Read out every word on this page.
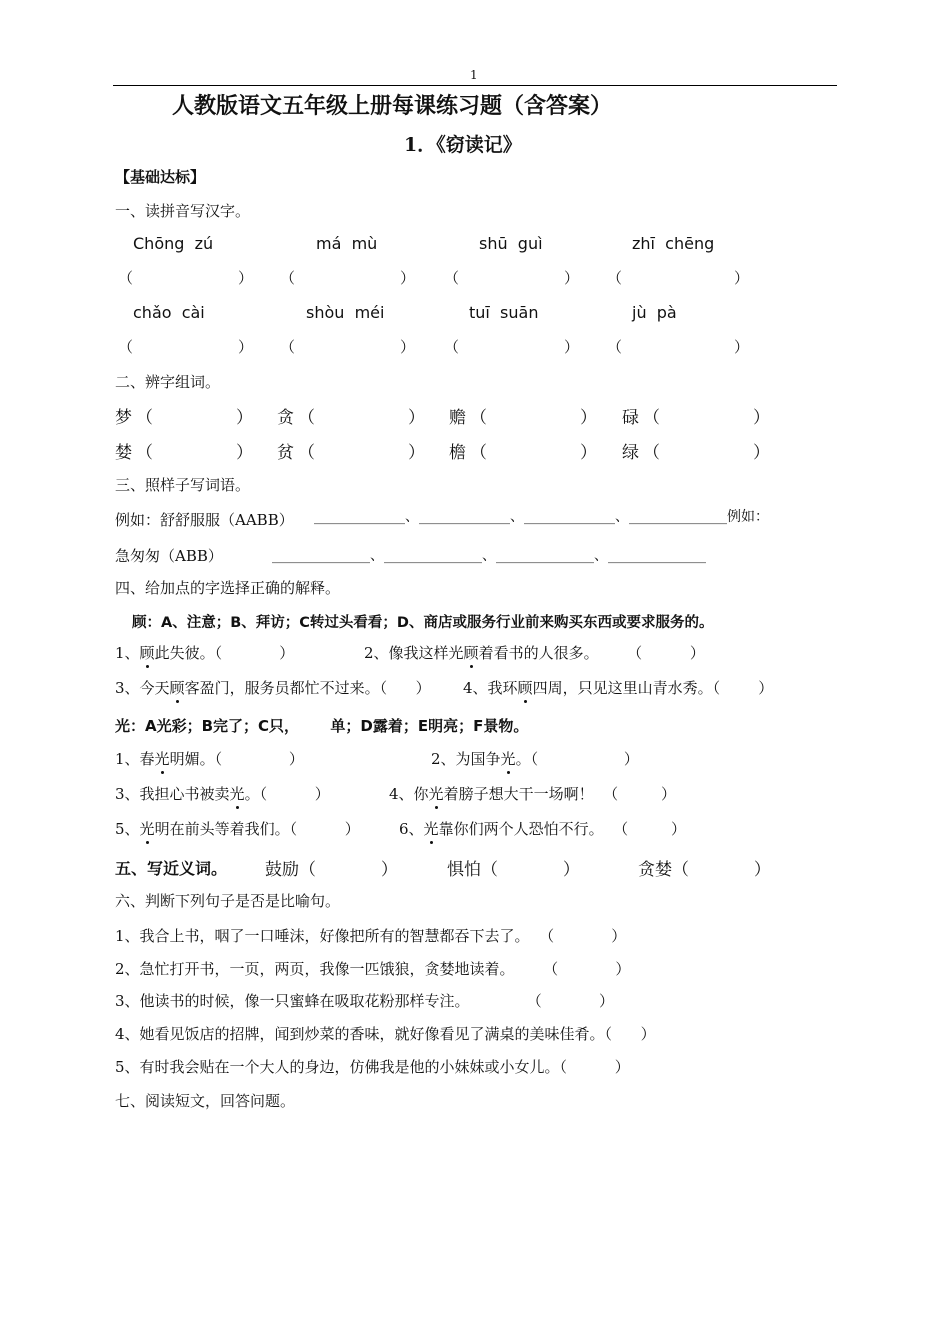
1
人教版语文五年级上册每课练习题（含答案）
1．《窃读记》
【基础达标】
一、读拼音写汉字。
Chōng  zú	má  mù	shū  guì	zhī  chēng
（	） （	） （	） （	）
chǎo  cài	shòu  méi	tuī  suān	jù  pà
（	） （	） （	） （	）
二、辨字组词。
梦 （	） 贪 （	） 赡 （	） 碌 （	）
婪 （	） 贫 （	） 檐 （	） 绿 （	）
三、照样子写词语。
例如：舒舒服服（AABB） _____________、_____________、_____________、______________例如：
急匆匆（ABB）	______________、______________、______________、______________
四、给加点的字选择正确的解释。
顾：A、注意；B、拜访；C转过头看看；D、商店或服务行业前来购买东西或要求服务的。
1、顾此失彼。（            ）	2、像我这样光顾着看书的人很多。      （          ）
3、今天顾客盈门，服务员都忙不过来。（      ） 4、我环顾四周，只见这里山青水秀。（        ）
光：A光彩；B完了；C只，      单；D露着；E明亮；F景物。
1、春光明媚。（              ）	2、为国争光。（                  ）
3、我担心书被卖光。（          ）	4、你光着膀子想大干一场啊！  （         ）
5、光明在前头等着我们。（          ）	6、光靠你们两个人恐怕不行。  （         ）
五、写近义词。 鼓励（            ）	惧怕（            ）	贪婪（            ）
六、判断下列句子是否是比喻句。
1、我合上书，咽了一口唾沫，好像把所有的智慧都吞下去了。  （            ）
2、急忙打开书，一页，两页，我像一匹饿狼，贪婪地读着。      （            ）
3、他读书的时候，像一只蜜蜂在吸取花粉那样专注。            （            ）
4、她看见饭店的招牌，闻到炒菜的香味，就好像看见了满桌的美味佳肴。（      ）
5、有时我会贴在一个大人的身边，仿佛我是他的小妹妹或小女儿。（          ）
七、阅读短文，回答问题。
